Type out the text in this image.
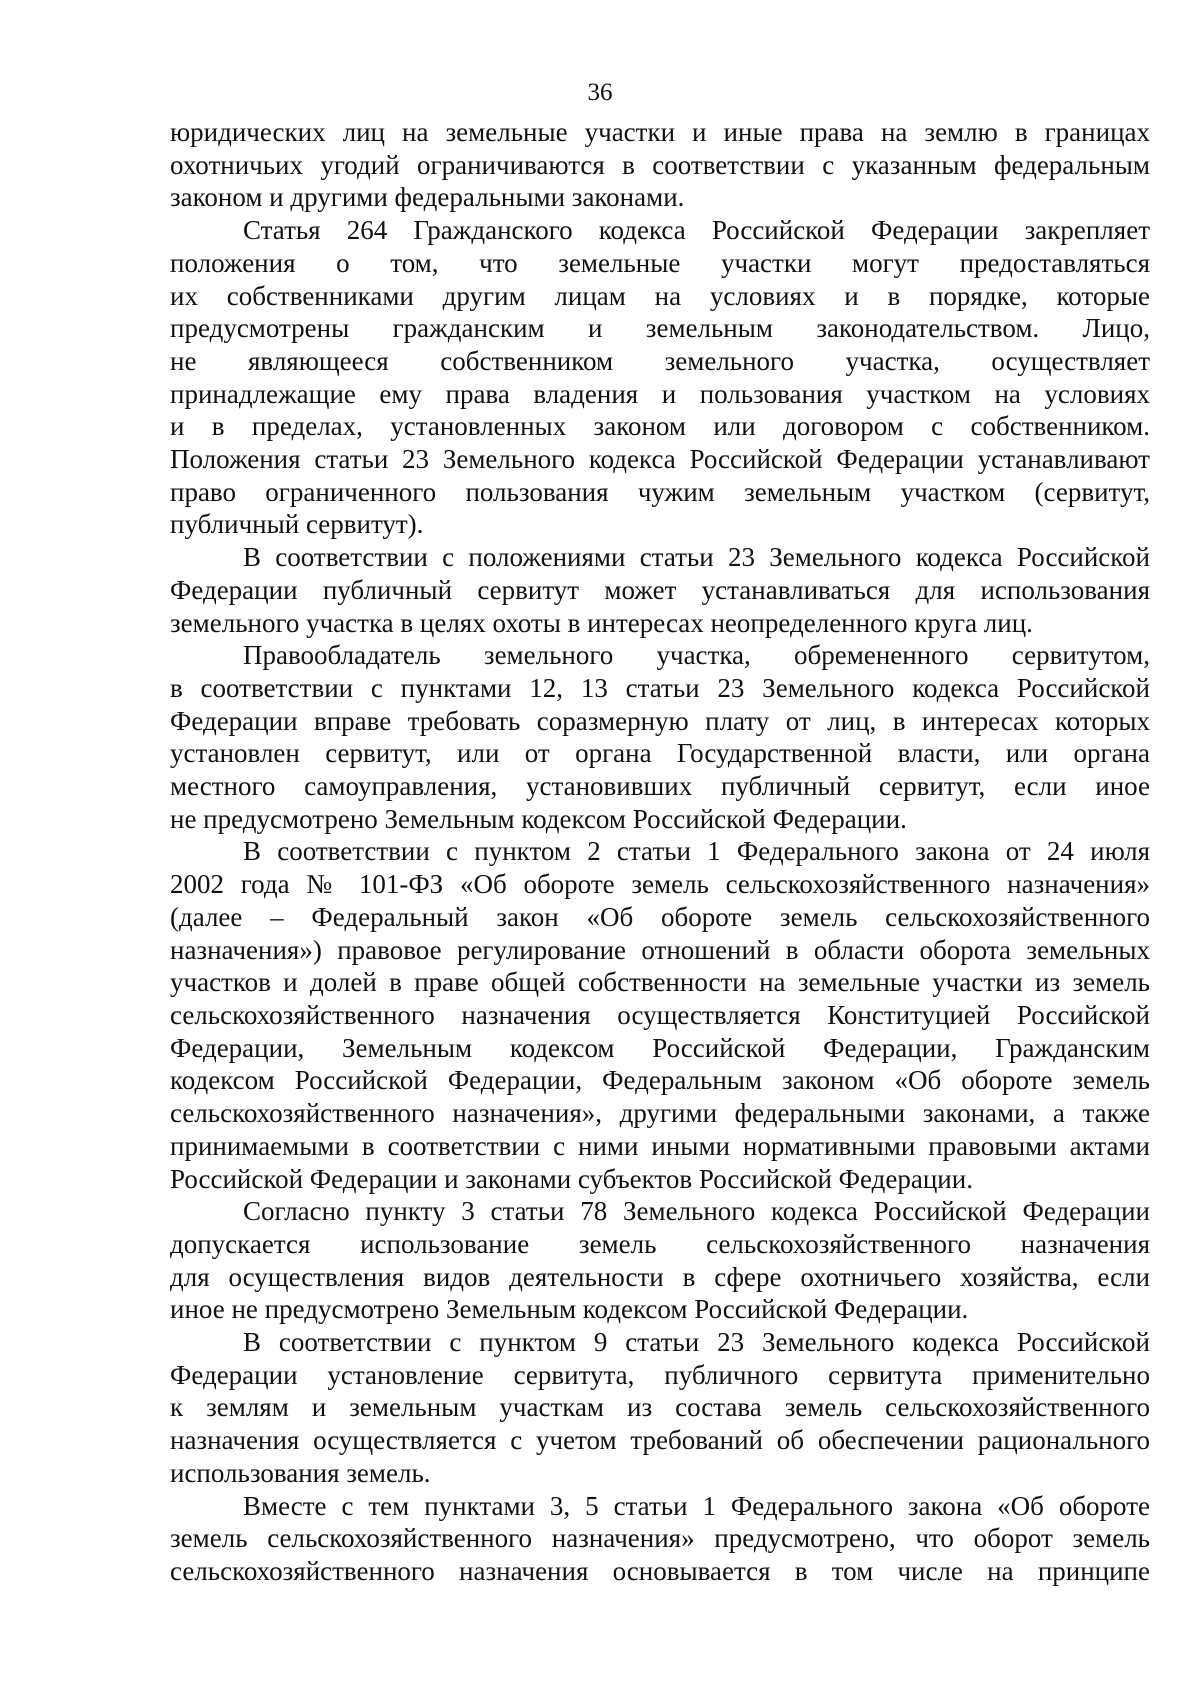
36

юридических лиц на земельные участки и иные права на землю в границах
охотничьих угодий ограничиваются в соответствии с указанным федеральным
законом и другими федеральными законами.

Статья 264 Гражданского кодекса Российской Федерации закрепляет
положения о том, что земельные участки могут предоставляться
их собственниками другим лицам на условиях и в порядке, которые
предусмотрены гражданским и земельным законодательством. Лицо,
не являющееся собственником земельного участка, осуществляет
принадлежащие ему права владения и пользования участком на условиях
и в пределах, установленных законом или договором с собственником.
Положения статьи 23 Земельного кодекса Российской Федерации устанавливают
право ограниченного пользования чужим земельным участком (сервитут,
публичный сервитут).

В соответствии с положениями статьи 23 Земельного кодекса Российской
Федерации публичный сервитут может устанавливаться для использования
земельного участка в целях охоты в интересах неопределенного круга лиц.

Правообладатель земельного участка, обремененного сервитутом,
в соответствии с пунктами 12, 13 статьи 23 Земельного кодекса Российской
Федерации вправе требовать соразмерную плату от лиц, в интересах которых
установлен сервитут, или от органа Государственной власти, или органа
местного самоуправления, установивших публичный сервитут, если иное
не предусмотрено Земельным кодексом Российской Федерации.

В соответствии с пунктом 2 статьи 1 Федерального закона от 24 июля
2002 года № 101-ФЗ «Об обороте земель сельскохозяйственного назначения»
(далее – Федеральный закон «Об обороте земель сельскохозяйственного
назначения») правовое регулирование отношений в области оборота земельных
участков и долей в праве общей собственности на земельные участки из земель
сельскохозяйственного назначения осуществляется Конституцией Российской
Федерации, Земельным кодексом Российской Федерации, Гражданским
кодексом Российской Федерации, Федеральным законом «Об обороте земель
сельскохозяйственного назначения», другими федеральными законами, а также
принимаемыми в соответствии с ними иными нормативными правовыми актами
Российской Федерации и законами субъектов Российской Федерации.

Согласно пункту 3 статьи 78 Земельного кодекса Российской Федерации
допускается использование земель сельскохозяйственного назначения
для осуществления видов деятельности в сфере охотничьего хозяйства, если
иное не предусмотрено Земельным кодексом Российской Федерации.

В соответствии с пунктом 9 статьи 23 Земельного кодекса Российской
Федерации установление сервитута, публичного сервитута применительно
к землям и земельным участкам из состава земель сельскохозяйственного
назначения осуществляется с учетом требований об обеспечении рационального
использования земель.

Вместе с тем пунктами 3, 5 статьи 1 Федерального закона «Об обороте
земель сельскохозяйственного назначения» предусмотрено, что оборот земель
сельскохозяйственного назначения основывается в том числе на принципе
